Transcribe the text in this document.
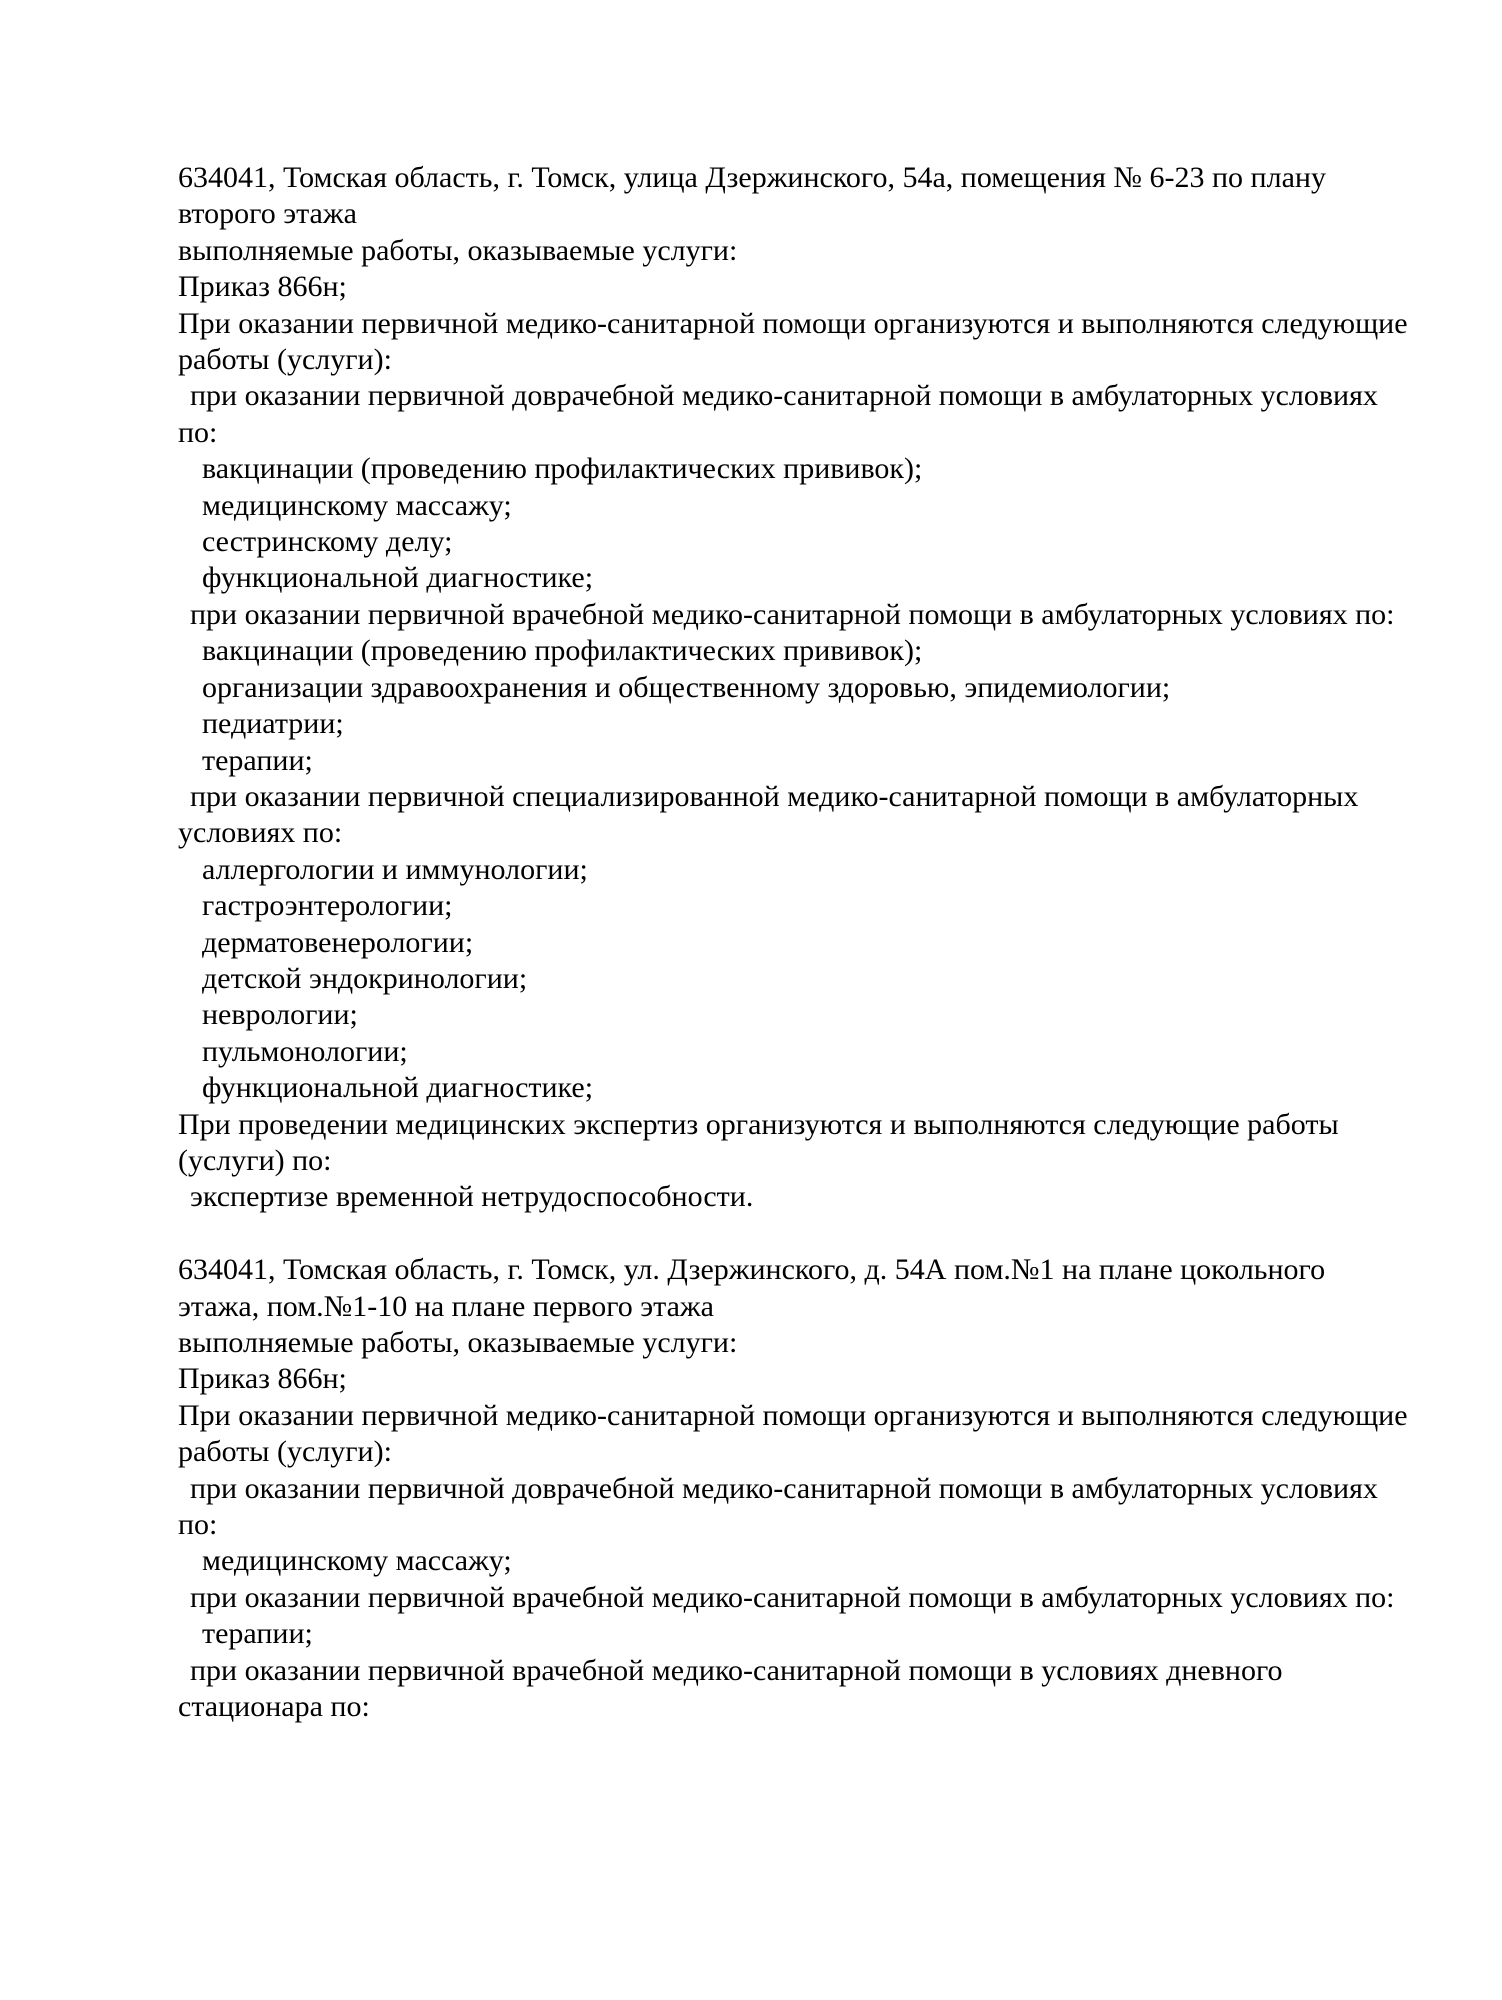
634041, Томская область, г. Томск, улица Дзержинского, 54а, помещения № 6-23 по плану
второго этажа
выполняемые работы, оказываемые услуги:
Приказ 866н;
При оказании первичной медико-санитарной помощи организуются и выполняются следующие
работы (услуги):
при оказании первичной доврачебной медико-санитарной помощи в амбулаторных условиях
по:
вакцинации (проведению профилактических прививок);
медицинскому массажу;
сестринскому делу;
функциональной диагностике;
при оказании первичной врачебной медико-санитарной помощи в амбулаторных условиях по:
вакцинации (проведению профилактических прививок);
организации здравоохранения и общественному здоровью, эпидемиологии;
педиатрии;
терапии;
при оказании первичной специализированной медико-санитарной помощи в амбулаторных
условиях по:
аллергологии и иммунологии;
гастроэнтерологии;
дерматовенерологии;
детской эндокринологии;
неврологии;
пульмонологии;
функциональной диагностике;
При проведении медицинских экспертиз организуются и выполняются следующие работы
(услуги) по:
экспертизе временной нетрудоспособности.
634041, Томская область, г. Томск, ул. Дзержинского, д. 54А пом.№1 на плане цокольного
этажа, пом.№1-10 на плане первого этажа
выполняемые работы, оказываемые услуги:
Приказ 866н;
При оказании первичной медико-санитарной помощи организуются и выполняются следующие
работы (услуги):
при оказании первичной доврачебной медико-санитарной помощи в амбулаторных условиях
по:
медицинскому массажу;
при оказании первичной врачебной медико-санитарной помощи в амбулаторных условиях по:
терапии;
при оказании первичной врачебной медико-санитарной помощи в условиях дневного
стационара по:
